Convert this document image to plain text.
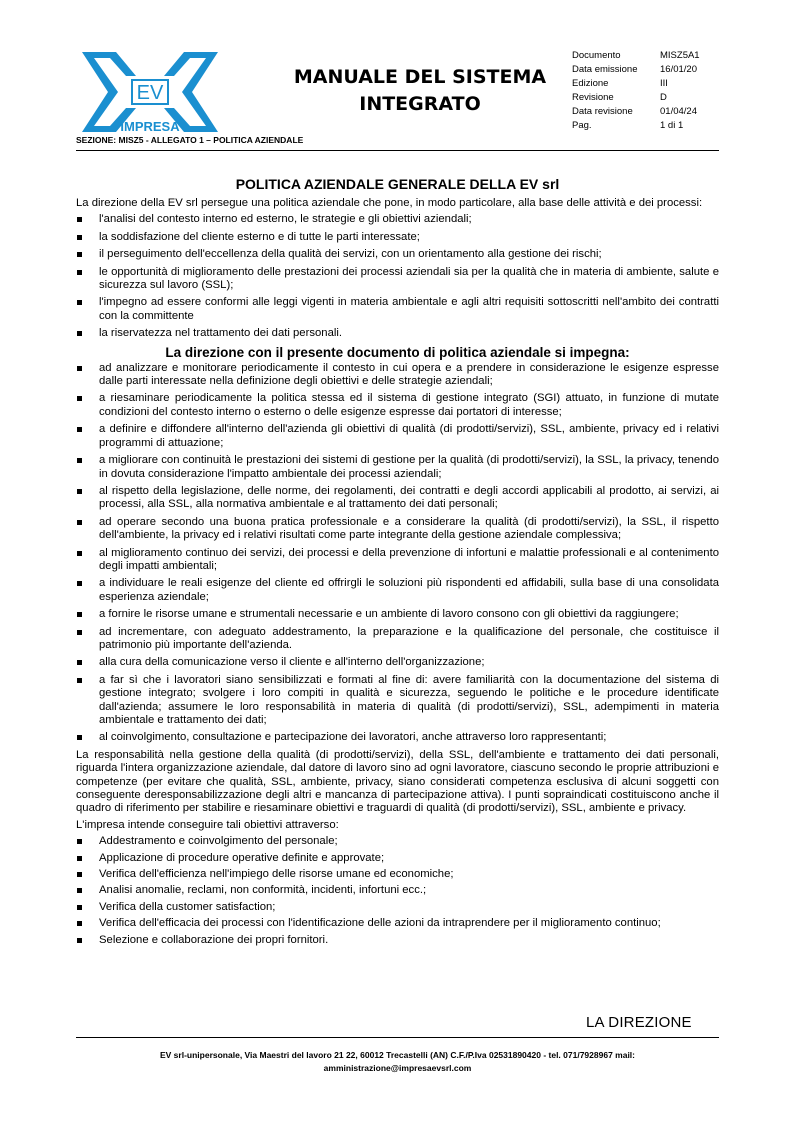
EV
IMPRESA
MANUALE DEL SISTEMA
INTEGRATO
Documento	MISZ5A1
Data emissione	16/01/20
Edizione	III
Revisione	D
Data revisione	01/04/24
Pag.	1 di 1
SEZIONE: MISZ5 - ALLEGATO 1 – POLITICA AZIENDALE
POLITICA AZIENDALE GENERALE DELLA EV srl
La direzione della EV srl persegue una politica aziendale che pone, in modo particolare, alla base delle attività e dei processi:
l'analisi del contesto interno ed esterno, le strategie e gli obiettivi aziendali;
la soddisfazione del cliente esterno e di tutte le parti interessate;
il perseguimento dell'eccellenza della qualità dei servizi, con un orientamento alla gestione dei rischi;
le opportunità di miglioramento delle prestazioni dei processi aziendali sia per la qualità che in materia di ambiente, salute e sicurezza sul lavoro (SSL);
l'impegno ad essere conformi alle leggi vigenti in materia ambientale e agli altri requisiti sottoscritti nell'ambito dei contratti con la committente
la riservatezza nel trattamento dei dati personali.
La direzione con il presente documento di politica aziendale si impegna:
ad analizzare e monitorare periodicamente il contesto in cui opera e a prendere in considerazione le esigenze espresse dalle parti interessate nella definizione degli obiettivi e delle strategie aziendali;
a riesaminare periodicamente la politica stessa ed il sistema di gestione integrato (SGI) attuato, in funzione di mutate condizioni del contesto interno o esterno o delle esigenze espresse dai portatori di interesse;
a definire e diffondere all'interno dell'azienda gli obiettivi di qualità (di prodotti/servizi), SSL, ambiente, privacy ed i relativi programmi di attuazione;
a migliorare con continuità le prestazioni dei sistemi di gestione per la qualità (di prodotti/servizi), la SSL, la privacy, tenendo in dovuta considerazione l'impatto ambientale dei processi aziendali;
al rispetto della legislazione, delle norme, dei regolamenti, dei contratti e degli accordi applicabili al prodotto, ai servizi, ai processi, alla SSL, alla normativa ambientale e al trattamento dei dati personali;
ad operare secondo una buona pratica professionale e a considerare la qualità (di prodotti/servizi), la SSL, il rispetto dell'ambiente, la privacy ed i relativi risultati come parte integrante della gestione aziendale complessiva;
al miglioramento continuo dei servizi, dei processi e della prevenzione di infortuni e malattie professionali e al contenimento degli impatti ambientali;
a individuare le reali esigenze del cliente ed offrirgli le soluzioni più rispondenti ed affidabili, sulla base di una consolidata esperienza aziendale;
a fornire le risorse umane e strumentali necessarie e un ambiente di lavoro consono con gli obiettivi da raggiungere;
ad incrementare, con adeguato addestramento, la preparazione e la qualificazione del personale, che costituisce il patrimonio più importante dell'azienda.
alla cura della comunicazione verso il cliente e all'interno dell'organizzazione;
a far sì che i lavoratori siano sensibilizzati e formati al fine di: avere familiarità con la documentazione del sistema di gestione integrato; svolgere i loro compiti in qualità e sicurezza, seguendo le politiche e le procedure identificate dall'azienda; assumere le loro responsabilità in materia di qualità (di prodotti/servizi), SSL, adempimenti in materia ambientale e trattamento dei dati;
al coinvolgimento, consultazione e partecipazione dei lavoratori, anche attraverso loro rappresentanti;
La responsabilità nella gestione della qualità (di prodotti/servizi), della SSL, dell'ambiente e trattamento dei dati personali, riguarda l'intera organizzazione aziendale, dal datore di lavoro sino ad ogni lavoratore, ciascuno secondo le proprie attribuzioni e competenze (per evitare che qualità, SSL, ambiente, privacy, siano considerati competenza esclusiva di alcuni soggetti con conseguente deresponsabilizzazione degli altri e mancanza di partecipazione attiva). I punti sopraindicati costituiscono anche il quadro di riferimento per stabilire e riesaminare obiettivi e traguardi di qualità (di prodotti/servizi), SSL, ambiente e privacy.
L'impresa intende conseguire tali obiettivi attraverso:
Addestramento e coinvolgimento del personale;
Applicazione di procedure operative definite e approvate;
Verifica dell'efficienza nell'impiego delle risorse umane ed economiche;
Analisi anomalie, reclami, non conformità, incidenti, infortuni ecc.;
Verifica della customer satisfaction;
Verifica dell'efficacia dei processi con l'identificazione delle azioni da intraprendere per il miglioramento continuo;
Selezione e collaborazione dei propri fornitori.
LA DIREZIONE
EV srl-unipersonale, Via Maestri del lavoro 21 22, 60012 Trecastelli (AN) C.F./P.Iva 02531890420 - tel. 071/7928967 mail:
amministrazione@impresaevsrl.com
